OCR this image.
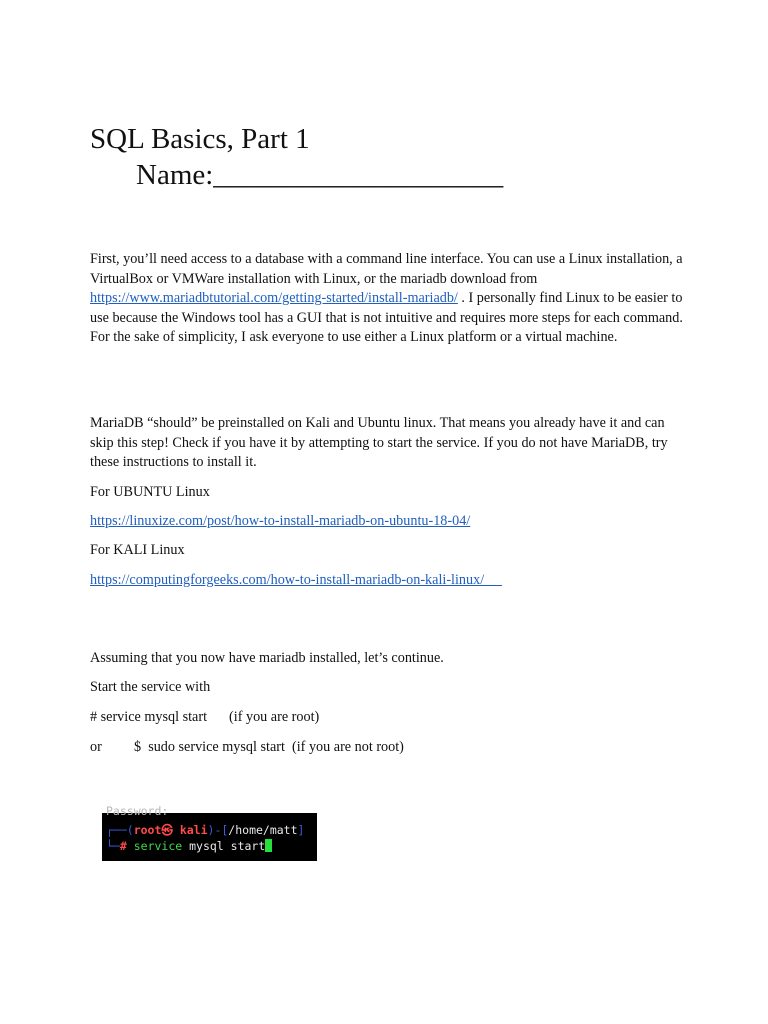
SQL Basics, Part 1
Name:____________________

First, you’ll need access to a database with a command line interface. You can use a Linux installation, a VirtualBox or VMWare installation with Linux, or the mariadb download from https://www.mariadbtutorial.com/getting-started/install-mariadb/ . I personally find Linux to be easier to use because the Windows tool has a GUI that is not intuitive and requires more steps for each command. For the sake of simplicity, I ask everyone to use either a Linux platform or a virtual machine.

MariaDB “should” be preinstalled on Kali and Ubuntu linux. That means you already have it and can skip this step! Check if you have it by attempting to start the service. If you do not have MariaDB, try these instructions to install it.

For UBUNTU Linux
https://linuxize.com/post/how-to-install-mariadb-on-ubuntu-18-04/
For KALI Linux
https://computingforgeeks.com/how-to-install-mariadb-on-kali-linux/
Assuming that you now have mariadb installed, let’s continue.
Start the service with
# service mysql start (if you are root)
or $  sudo service mysql start  (if you are not root)
Password:
┌──(root㉿ kali)-[/home/matt]
└─# service mysql start
